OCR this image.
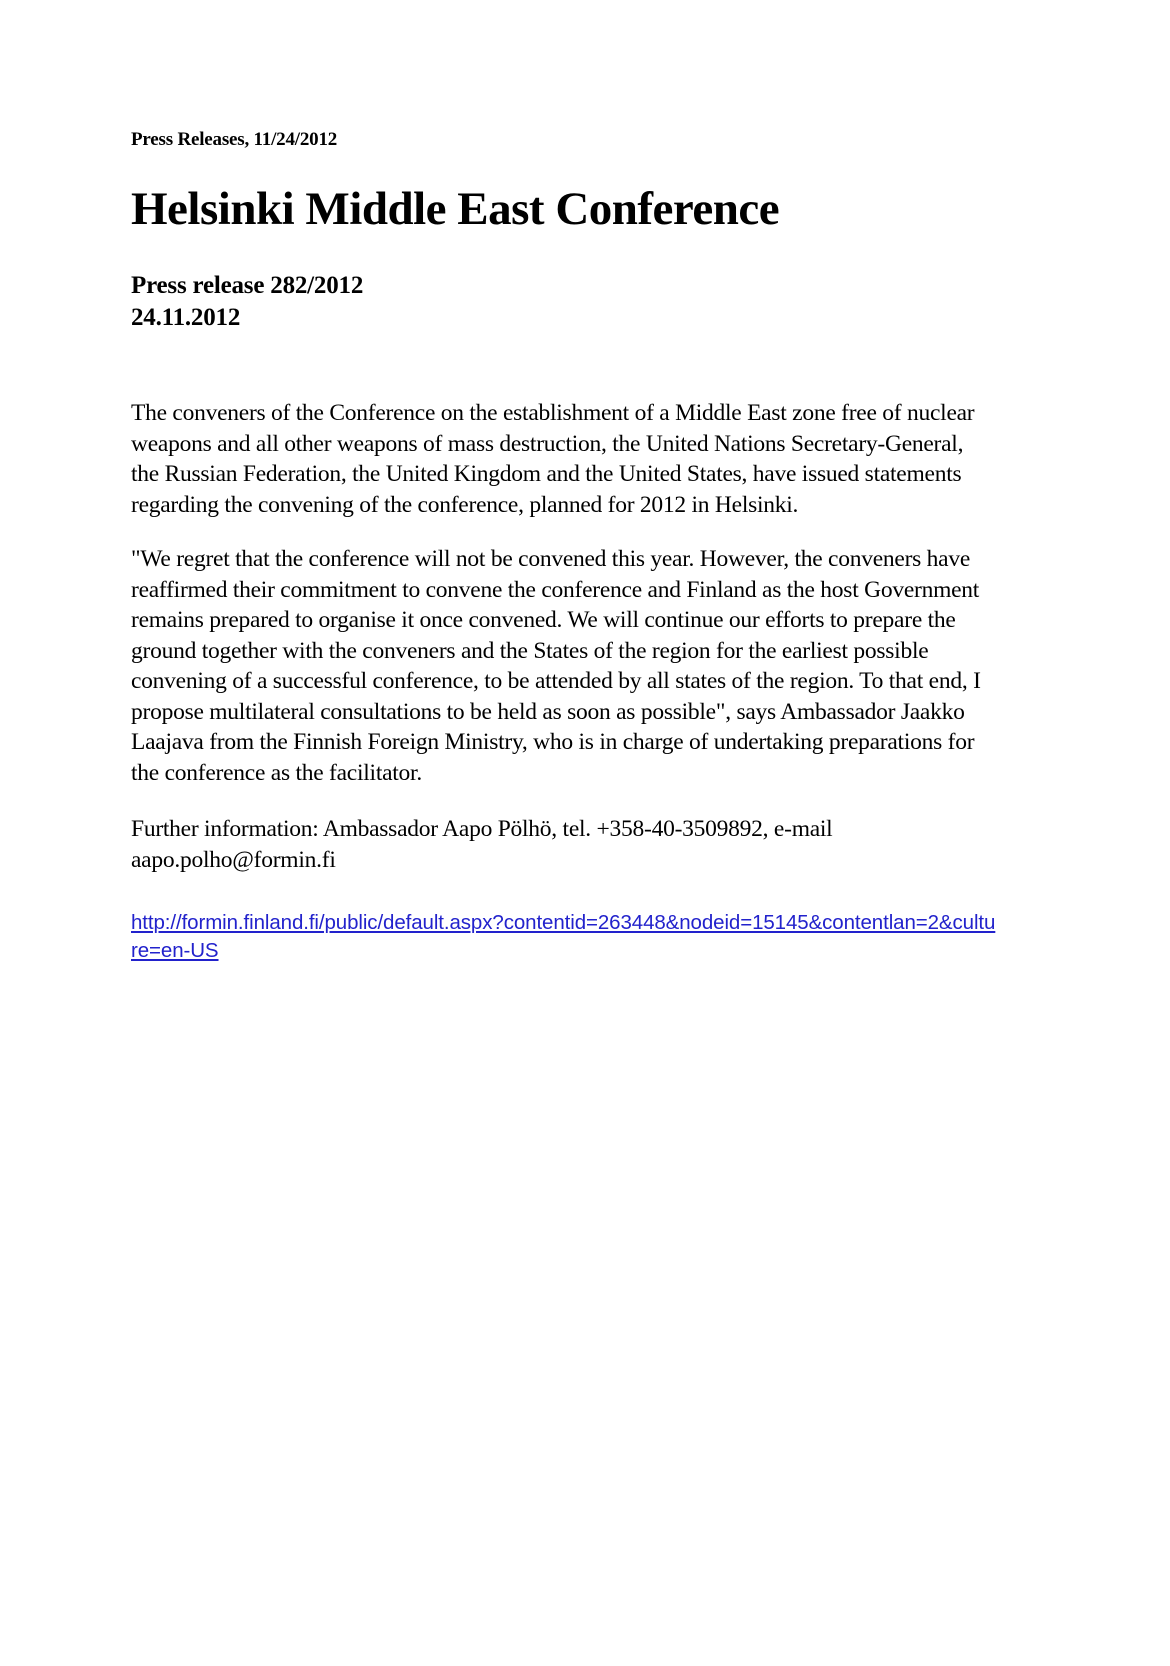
Press Releases, 11/24/2012
Helsinki Middle East Conference
Press release 282/2012
24.11.2012

The conveners of the Conference on the establishment of a Middle East zone free of nuclear weapons and all other weapons of mass destruction, the United Nations Secretary-General, the Russian Federation, the United Kingdom and the United States, have issued statements regarding the convening of the conference, planned for 2012 in Helsinki.

"We regret that the conference will not be convened this year. However, the conveners have reaffirmed their commitment to convene the conference and Finland as the host Government remains prepared to organise it once convened. We will continue our efforts to prepare the ground together with the conveners and the States of the region for the earliest possible convening of a successful conference, to be attended by all states of the region. To that end, I propose multilateral consultations to be held as soon as possible", says Ambassador Jaakko Laajava from the Finnish Foreign Ministry, who is in charge of undertaking preparations for the conference as the facilitator.

Further information: Ambassador Aapo Pölhö, tel. +358-40-3509892, e-mail aapo.polho@formin.fi

http://formin.finland.fi/public/default.aspx?contentid=263448&nodeid=15145&contentlan=2&culture=en-US
